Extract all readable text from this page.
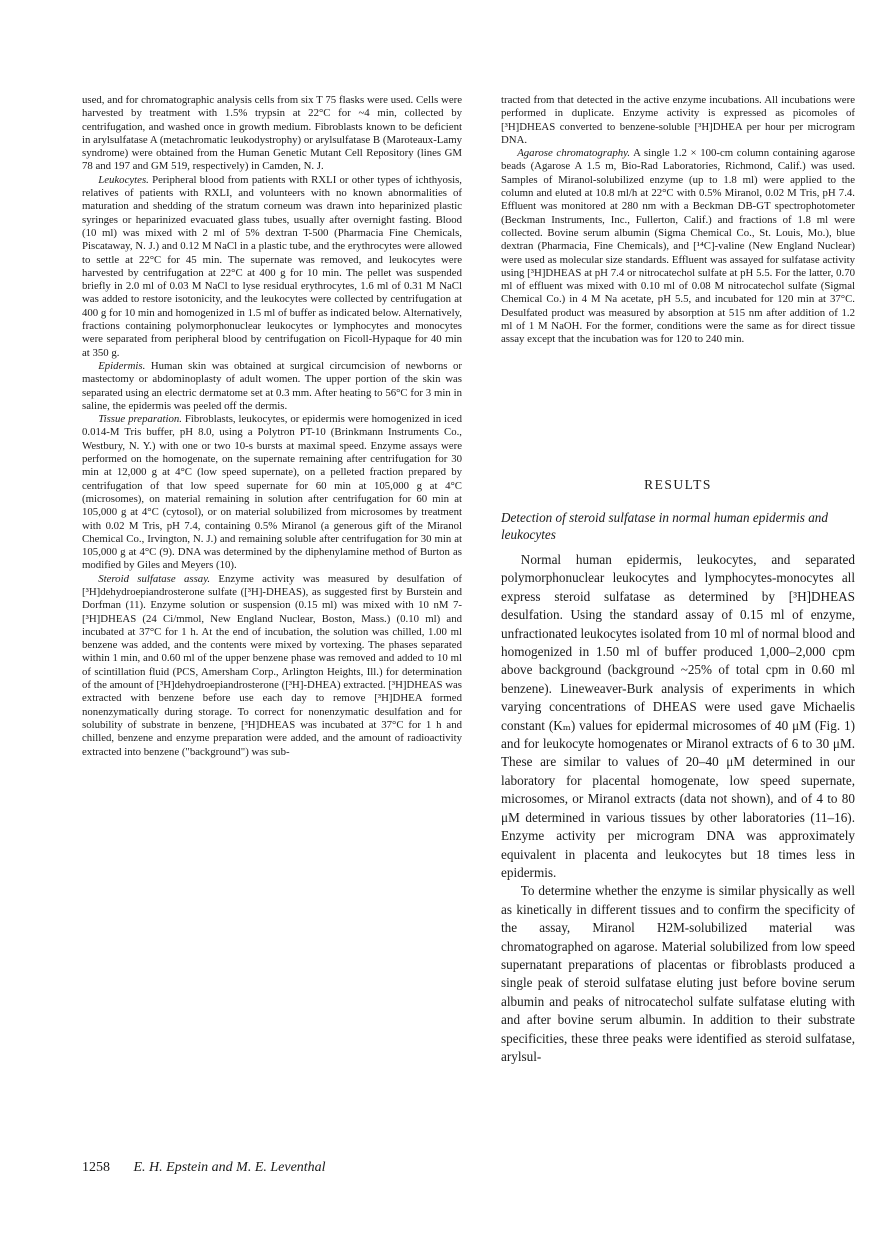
used, and for chromatographic analysis cells from six T 75 flasks were used. Cells were harvested by treatment with 1.5% trypsin at 22°C for ~4 min, collected by centrifugation, and washed once in growth medium. Fibroblasts known to be deficient in arylsulfatase A (metachromatic leukodystrophy) or arylsulfatase B (Maroteaux-Lamy syndrome) were obtained from the Human Genetic Mutant Cell Repository (lines GM 78 and 197 and GM 519, respectively) in Camden, N. J.

Leukocytes. Peripheral blood from patients with RXLI or other types of ichthyosis, relatives of patients with RXLI, and volunteers with no known abnormalities of maturation and shedding of the stratum corneum was drawn into heparinized plastic syringes or heparinized evacuated glass tubes, usually after overnight fasting. Blood (10 ml) was mixed with 2 ml of 5% dextran T-500 (Pharmacia Fine Chemicals, Piscataway, N. J.) and 0.12 M NaCl in a plastic tube, and the erythrocytes were allowed to settle at 22°C for 45 min. The supernate was removed, and leukocytes were harvested by centrifugation at 22°C at 400 g for 10 min. The pellet was suspended briefly in 2.0 ml of 0.03 M NaCl to lyse residual erythrocytes, 1.6 ml of 0.31 M NaCl was added to restore isotonicity, and the leukocytes were collected by centrifugation at 400 g for 10 min and homogenized in 1.5 ml of buffer as indicated below. Alternatively, fractions containing polymorphonuclear leukocytes or lymphocytes and monocytes were separated from peripheral blood by centrifugation on Ficoll-Hypaque for 40 min at 350 g.

Epidermis. Human skin was obtained at surgical circumcision of newborns or mastectomy or abdominoplasty of adult women. The upper portion of the skin was separated using an electric dermatome set at 0.3 mm. After heating to 56°C for 3 min in saline, the epidermis was peeled off the dermis.

Tissue preparation. Fibroblasts, leukocytes, or epidermis were homogenized in iced 0.014-M Tris buffer, pH 8.0, using a Polytron PT-10 (Brinkmann Instruments Co., Westbury, N. Y.) with one or two 10-s bursts at maximal speed. Enzyme assays were performed on the homogenate, on the supernate remaining after centrifugation for 30 min at 12,000 g at 4°C (low speed supernate), on a pelleted fraction prepared by centrifugation of that low speed supernate for 60 min at 105,000 g at 4°C (microsomes), on material remaining in solution after centrifugation for 60 min at 105,000 g at 4°C (cytosol), or on material solubilized from microsomes by treatment with 0.02 M Tris, pH 7.4, containing 0.5% Miranol (a generous gift of the Miranol Chemical Co., Irvington, N. J.) and remaining soluble after centrifugation for 30 min at 105,000 g at 4°C (9). DNA was determined by the diphenylamine method of Burton as modified by Giles and Meyers (10).

Steroid sulfatase assay. Enzyme activity was measured by desulfation of [³H]dehydroepiandrosterone sulfate ([³H]-DHEAS), as suggested first by Burstein and Dorfman (11). Enzyme solution or suspension (0.15 ml) was mixed with 10 nM 7-[³H]DHEAS (24 Ci/mmol, New England Nuclear, Boston, Mass.) (0.10 ml) and incubated at 37°C for 1 h. At the end of incubation, the solution was chilled, 1.00 ml benzene was added, and the contents were mixed by vortexing. The phases separated within 1 min, and 0.60 ml of the upper benzene phase was removed and added to 10 ml of scintillation fluid (PCS, Amersham Corp., Arlington Heights, Ill.) for determination of the amount of [³H]dehydroepiandrosterone ([³H]-DHEA) extracted. [³H]DHEAS was extracted with benzene before use each day to remove [³H]DHEA formed nonenzymatically during storage. To correct for nonenzymatic desulfation and for solubility of substrate in benzene, [³H]DHEAS was incubated at 37°C for 1 h and chilled, benzene and enzyme preparation were added, and the amount of radioactivity extracted into benzene ("background") was sub-

tracted from that detected in the active enzyme incubations. All incubations were performed in duplicate. Enzyme activity is expressed as picomoles of [³H]DHEAS converted to benzene-soluble [³H]DHEA per hour per microgram DNA.

Agarose chromatography. A single 1.2 × 100-cm column containing agarose beads (Agarose A 1.5 m, Bio-Rad Laboratories, Richmond, Calif.) was used. Samples of Miranol-solubilized enzyme (up to 1.8 ml) were applied to the column and eluted at 10.8 ml/h at 22°C with 0.5% Miranol, 0.02 M Tris, pH 7.4. Effluent was monitored at 280 nm with a Beckman DB-GT spectrophotometer (Beckman Instruments, Inc., Fullerton, Calif.) and fractions of 1.8 ml were collected. Bovine serum albumin (Sigma Chemical Co., St. Louis, Mo.), blue dextran (Pharmacia, Fine Chemicals), and [¹⁴C]-valine (New England Nuclear) were used as molecular size standards. Effluent was assayed for sulfatase activity using [³H]DHEAS at pH 7.4 or nitrocatechol sulfate at pH 5.5. For the latter, 0.70 ml of effluent was mixed with 0.10 ml of 0.08 M nitrocatechol sulfate (Sigmal Chemical Co.) in 4 M Na acetate, pH 5.5, and incubated for 120 min at 37°C. Desulfated product was measured by absorption at 515 nm after addition of 1.2 ml of 1 M NaOH. For the former, conditions were the same as for direct tissue assay except that the incubation was for 120 to 240 min.

RESULTS
Detection of steroid sulfatase in normal human epidermis and leukocytes

Normal human epidermis, leukocytes, and separated polymorphonuclear leukocytes and lymphocytes-monocytes all express steroid sulfatase as determined by [³H]DHEAS desulfation. Using the standard assay of 0.15 ml of enzyme, unfractionated leukocytes isolated from 10 ml of normal blood and homogenized in 1.50 ml of buffer produced 1,000–2,000 cpm above background (background ~25% of total cpm in 0.60 ml benzene). Lineweaver-Burk analysis of experiments in which varying concentrations of DHEAS were used gave Michaelis constant (Kₘ) values for epidermal microsomes of 40 μM (Fig. 1) and for leukocyte homogenates or Miranol extracts of 6 to 30 μM. These are similar to values of 20–40 μM determined in our laboratory for placental homogenate, low speed supernate, microsomes, or Miranol extracts (data not shown), and of 4 to 80 μM determined in various tissues by other laboratories (11–16). Enzyme activity per microgram DNA was approximately equivalent in placenta and leukocytes but 18 times less in epidermis.

To determine whether the enzyme is similar physically as well as kinetically in different tissues and to confirm the specificity of the assay, Miranol H2M-solubilized material was chromatographed on agarose. Material solubilized from low speed supernatant preparations of placentas or fibroblasts produced a single peak of steroid sulfatase eluting just before bovine serum albumin and peaks of nitrocatechol sulfate sulfatase eluting with and after bovine serum albumin. In addition to their substrate specificities, these three peaks were identified as steroid sulfatase, arylsul-

1258 E. H. Epstein and M. E. Leventhal
